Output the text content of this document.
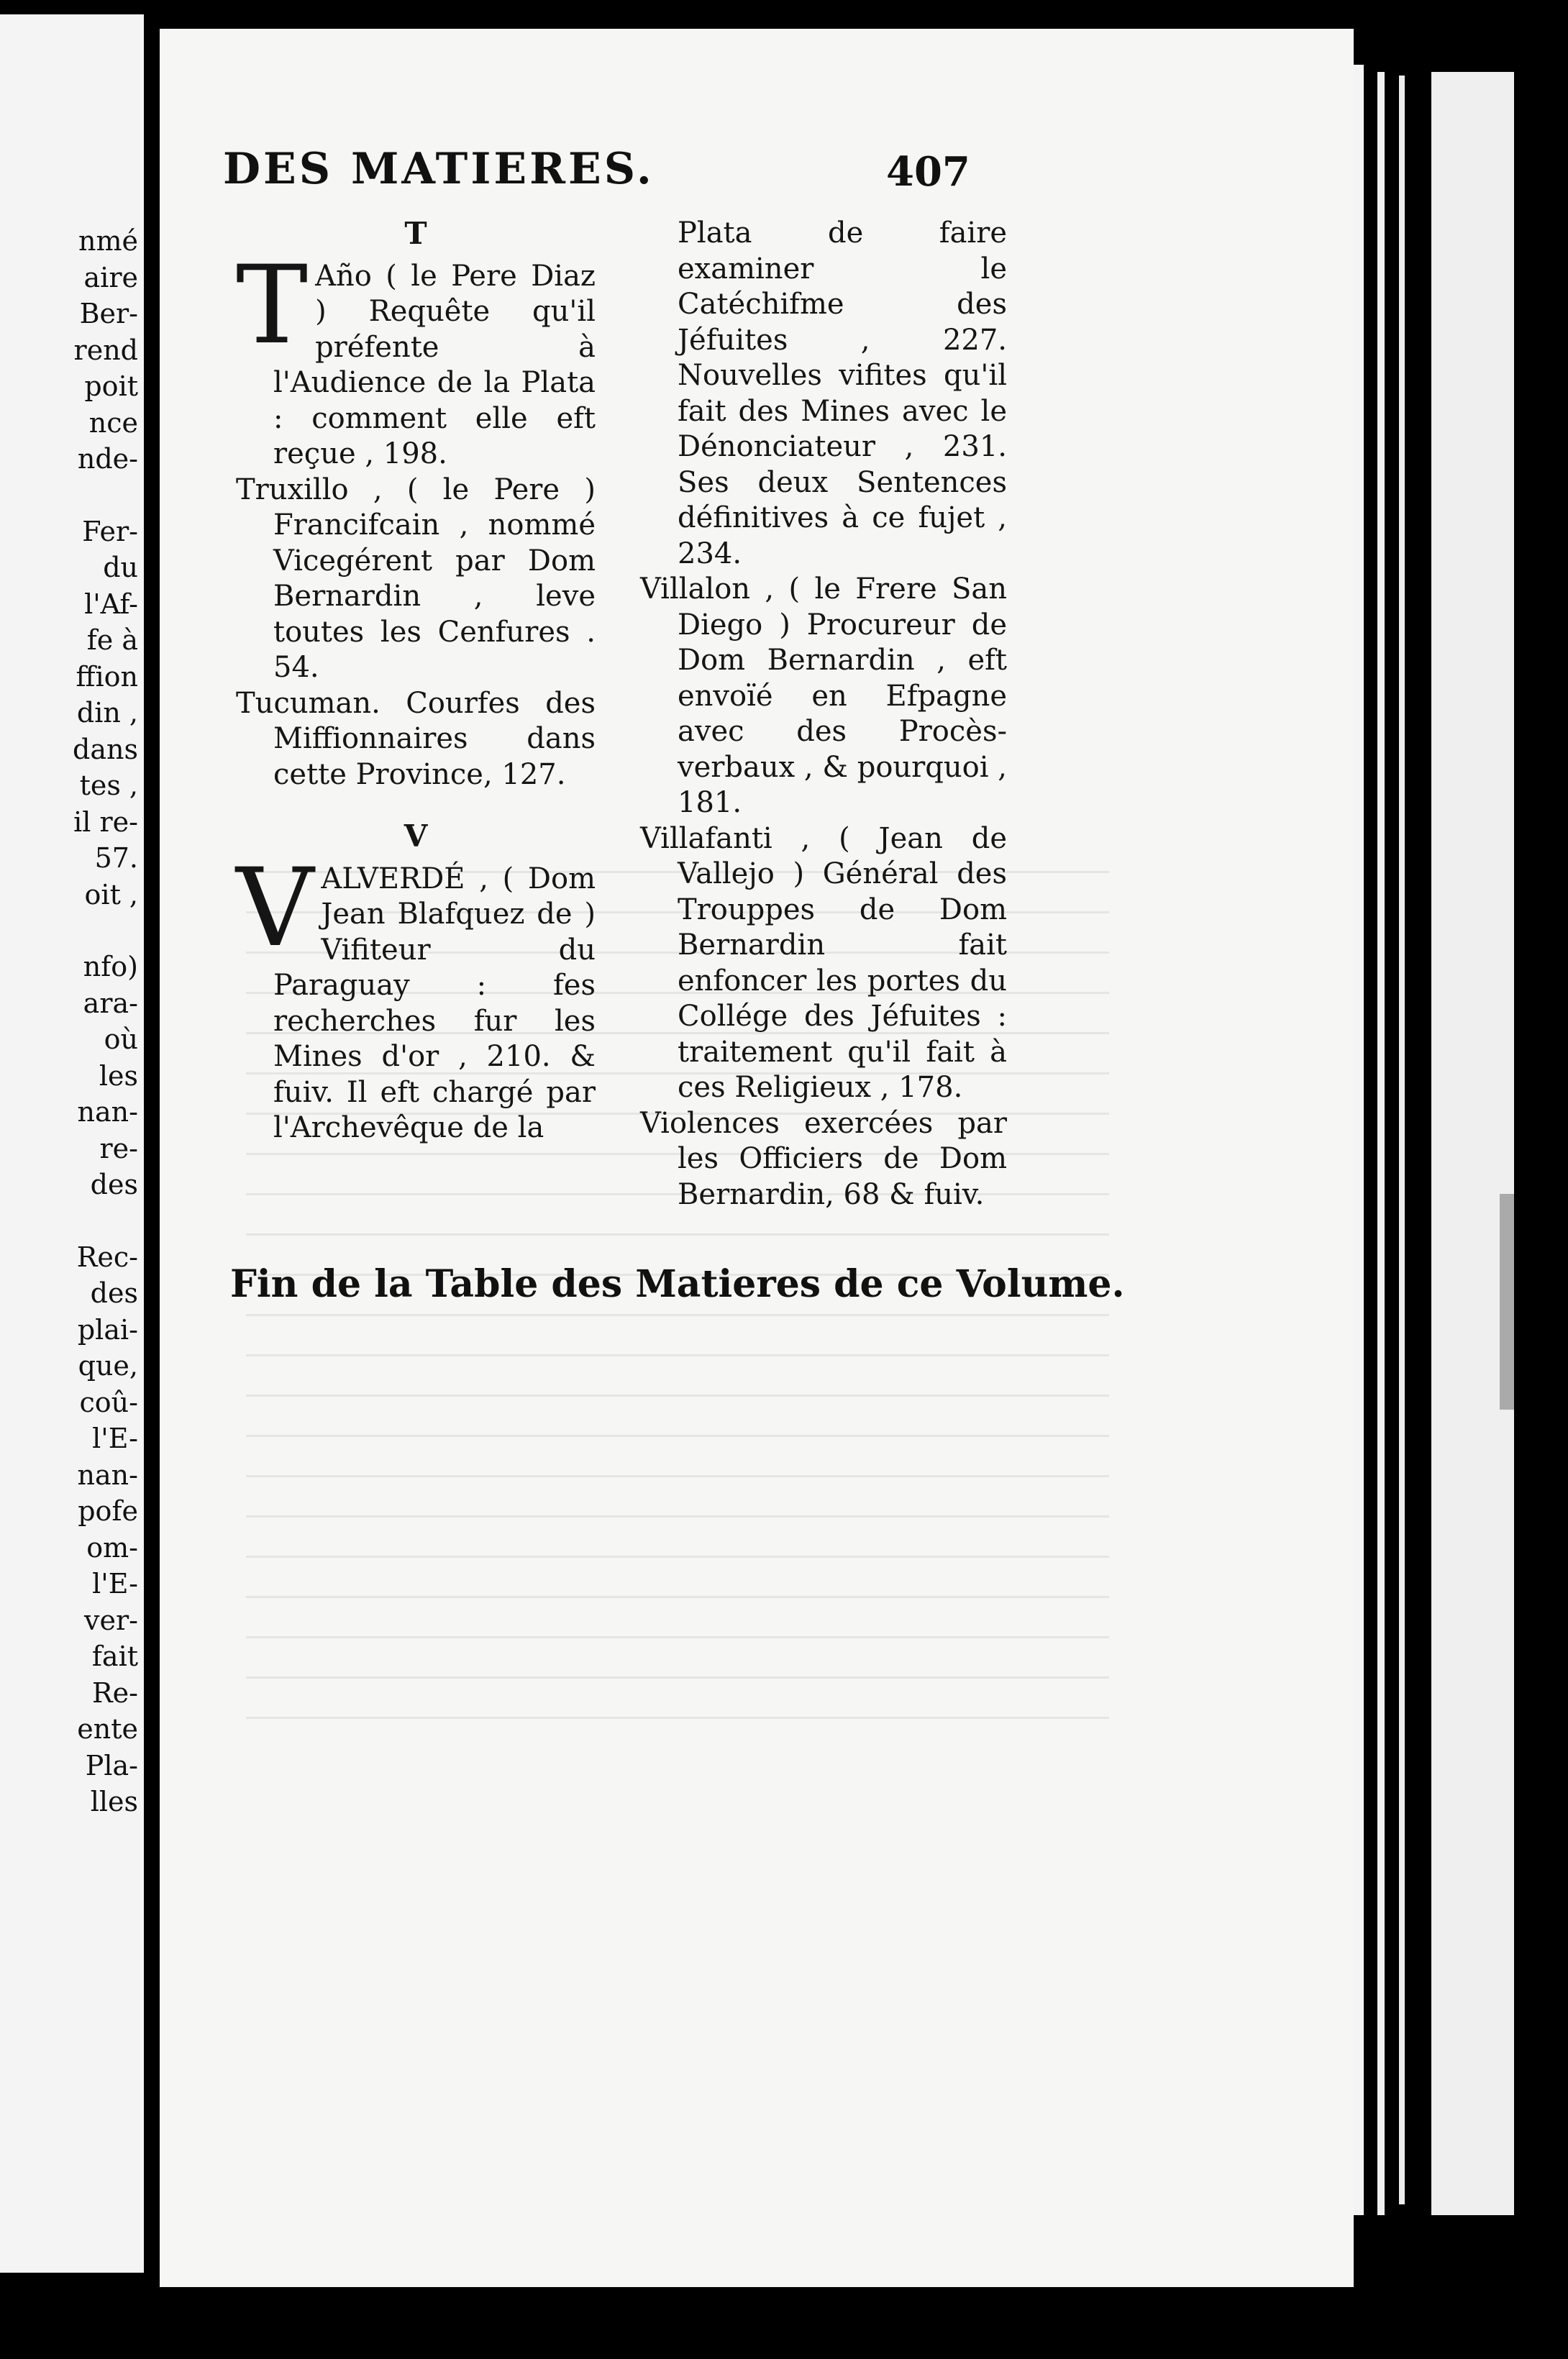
nmé
aire
Ber-
rend
poit
nce
nde-
Fer-
du
l'Af-
fe à
ffion
din ,
dans
tes ,
il re-
57.
oit ,
nfo)
ara-
où
les
nan-
re-
des
Rec-
des
plai-
que,
coû-
l'E-
nan-
pofe
om-
l'E-
ver-
fait
Re-
ente
Pla-
lles
DES MATIERES.	407
T
T Año ( le Pere Diaz ) Requête qu'il préfente à l'Audience de la Plata : comment elle eft reçue , 198.
Truxillo , ( le Pere ) Francifcain , nommé Vicegérent par Dom Bernardin , leve toutes les Cenfures . 54.
Tucuman. Courfes des Miffionnaires dans cette Province, 127.
V
VALVERDÉ , ( Dom Jean Blafquez de ) Vifiteur du Paraguay : fes recherches fur les Mines d'or , 210. & fuiv. Il eft chargé par l'Archevêque de la
Plata de faire examiner le Catéchifme des Jéfuites , 227. Nouvelles vifites qu'il fait des Mines avec le Dénonciateur , 231. Ses deux Sentences définitives à ce fujet , 234.
Villalon , ( le Frere San Diego ) Procureur de Dom Bernardin , eft envoïé en Efpagne avec des Procès-verbaux , & pourquoi , 181.
Villafanti , ( Jean de Vallejo ) Général des Trouppes de Dom Bernardin fait enfoncer les portes du Collége des Jéfuites : traitement qu'il fait à ces Religieux , 178.
Violences exercées par les Officiers de Dom Bernardin, 68 & fuiv.
Fin de la Table des Matieres de ce Volume.
